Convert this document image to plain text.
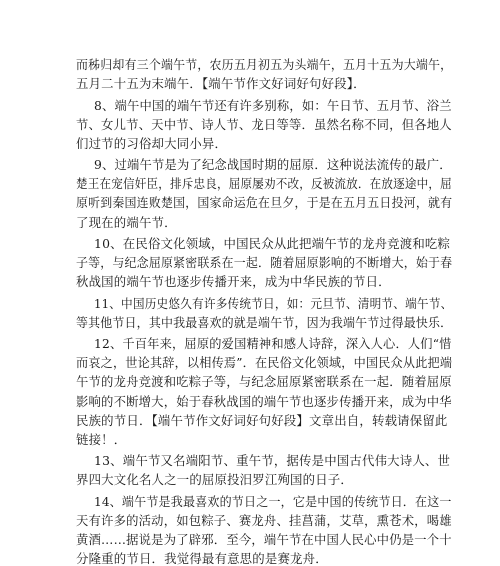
而秭归却有三个端午节，农历五月初五为头端午，五月十五为大端午，
五月二十五为末端午．【端午节作文好词好句好段】．
8、端午中国的端午节还有许多别称，如：午日节、五月节、浴兰
节、女儿节、天中节、诗人节、龙日等等．虽然名称不同，但各地人
们过节的习俗却大同小异．
9、过端午节是为了纪念战国时期的屈原．这种说法流传的最广．
楚王在宠信奸臣，排斥忠良，屈原屡劝不改，反被流放．在放逐途中，屈
原听到秦国连败楚国，国家命运危在旦夕，于是在五月五日投河，就有
了现在的端午节．
10、在民俗文化领域，中国民众从此把端午节的龙舟竞渡和吃粽
子等，与纪念屈原紧密联系在一起．随着屈原影响的不断增大，始于春
秋战国的端午节也逐步传播开来，成为中华民族的节日．
11、中国历史悠久有许多传统节日，如：元旦节、清明节、端午节、
等其他节日，其中我最喜欢的就是端午节，因为我端午节过得最快乐．
12、千百年来，屈原的爱国精神和感人诗辞，深入人心．人们“惜
而哀之，世论其辞，以相传焉”．在民俗文化领域，中国民众从此把端
午节的龙舟竞渡和吃粽子等，与纪念屈原紧密联系在一起．随着屈原
影响的不断增大，始于春秋战国的端午节也逐步传播开来，成为中华
民族的节日．【端午节作文好词好句好段】文章出自，转载请保留此
链接！．
13、端午节又名端阳节、重午节，据传是中国古代伟大诗人、世
界四大文化名人之一的屈原投汨罗江殉国的日子．
14、端午节是我最喜欢的节日之一，它是中国的传统节日．在这一
天有许多的活动，如包粽子、赛龙舟、挂菖蒲，艾草，熏苍术，喝雄
黄酒……据说是为了辟邪．至今，端午节在中国人民心中仍是一个十
分隆重的节日．我觉得最有意思的是赛龙舟．
